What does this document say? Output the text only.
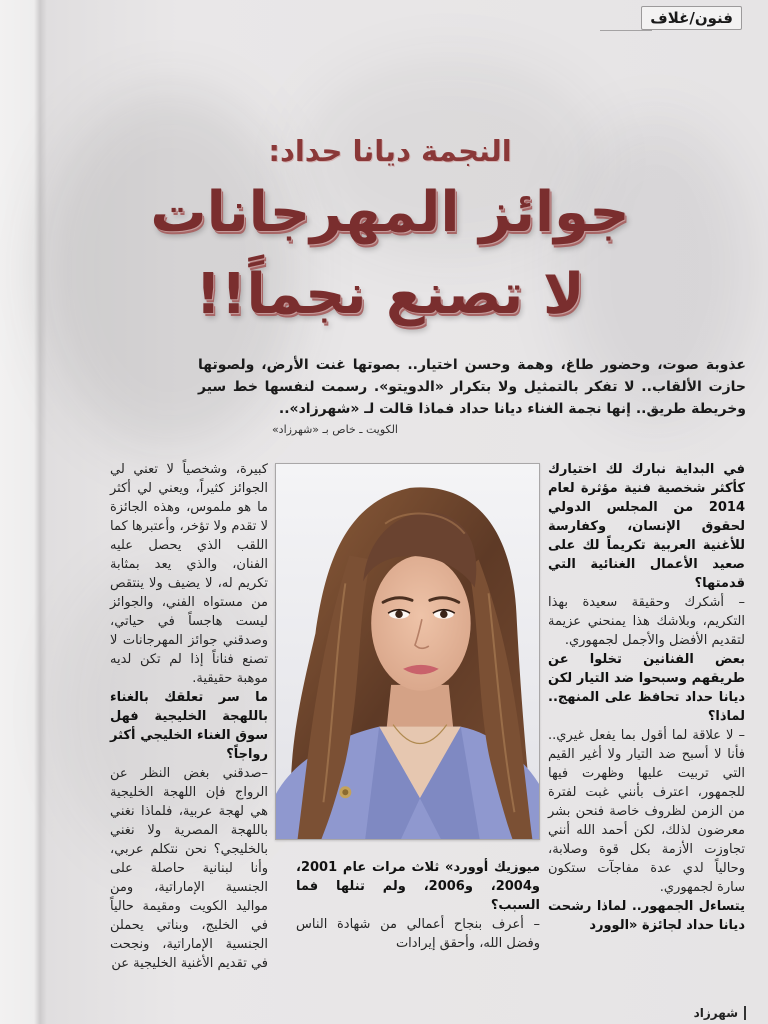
فنون/غلاف
النجمة ديانا حداد:
جوائز المهرجانات
لا تصنع نجماً!!
عذوبة صوت، وحضور طاغ، وهمة وحسن اختيار.. بصوتها غنت الأرض، ولصوتها حازت الألقاب.. لا تفكر بالتمثيل ولا بتكرار «الدويتو». رسمت لنفسها خط سير وخريطة طريق.. إنها نجمة الغناء ديانا حداد فماذا قالت لـ «شهرزاد»..
الكويت ـ خاص بـ «شهرزاد»

في البداية نبارك لك اختيارك كأكثر شخصية فنية مؤثرة لعام 2014 من المجلس الدولي لحقوق الإنسان، وكفارسة للأغنية العربية تكريماً لك على صعيد الأعمال الغنائية التي قدمتها؟

– أشكرك وحقيقة سعيدة بهذا التكريم، وبلاشك هذا يمنحني عزيمة لتقديم الأفضل والأجمل لجمهوري.

بعض الفنانين تخلوا عن طريقهم وسبحوا ضد التيار لكن ديانا حداد تحافظ على المنهج.. لماذا؟

– لا علاقة لما أقول بما يفعل غيري.. فأنا لا أسبح ضد التيار ولا أغير القيم التي تربيت عليها وظهرت فيها للجمهور، اعترف بأنني غبت لفترة من الزمن لظروف خاصة فنحن بشر معرضون لذلك، لكن أحمد الله أنني تجاوزت الأزمة بكل قوة وصلابة، وحالياً لدي عدة مفاجآت ستكون سارة لجمهوري.

يتساءل الجمهور.. لماذا رشحت ديانا حداد لجائزة «الوورد

ميوزيك أوورد» ثلاث مرات عام 2001، و2004، و2006، ولم تنلها فما السبب؟

– أعرف بنجاح أعمالي من شهادة الناس وفضل الله، وأحقق إيرادات

كبيرة، وشخصياً لا تعني لي الجوائز كثيراً، ويعني لي أكثر ما هو ملموس، وهذه الجائزة لا تقدم ولا تؤخر، وأعتبرها كما اللقب الذي يحصل عليه الفنان، والذي يعد بمثابة تكريم له، لا يضيف ولا ينتقص من مستواه الفني، والجوائز ليست هاجساً في حياتي، وصدقني جوائز المهرجانات لا تصنع فناناً إذا لم تكن لديه موهبة حقيقية.

ما سر تعلقك بالغناء باللهجة الخليجية فهل سوق الغناء الخليجي أكثر رواجاً؟

–صدقني بغض النظر عن الرواج فإن اللهجة الخليجية هي لهجة عربية، فلماذا نغني باللهجة المصرية ولا نغني بالخليجي؟ نحن نتكلم عربي، وأنا لبنانية حاصلة على الجنسية الإماراتية، ومن مواليد الكويت ومقيمة حالياً في الخليج، وبناتي يحملن الجنسية الإماراتية، ونجحت في تقديم الأغنية الخليجية عن

شهرزاد
